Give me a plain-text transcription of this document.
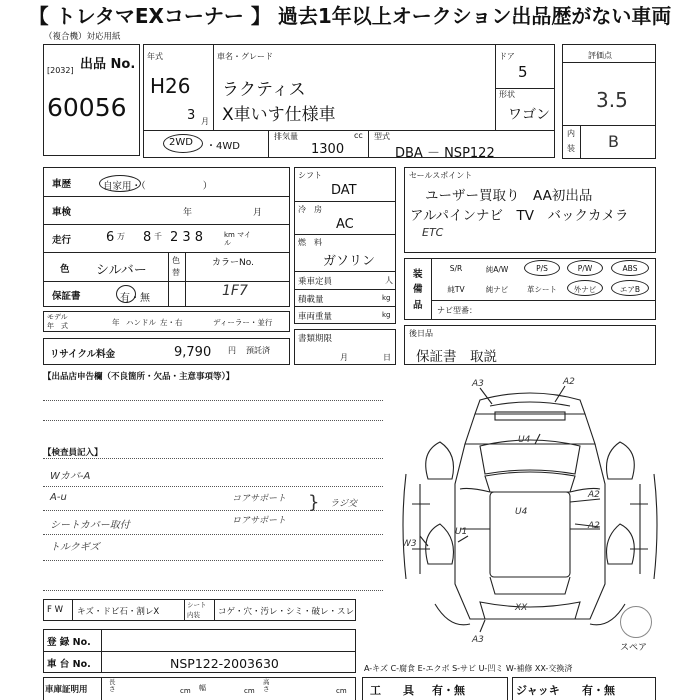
【 トレタマEXコーナー 】 過去1年以上オークション出品歴がない車両
（複合機）対応用紙
出品 No.
[2032]
60056
年式
H26
3 月
車名・グレード
ラクティス
X車いす仕様車
ドア
5
形状
ワゴン
2WD ・4WD
排気量	cc
1300
型式
DBA － NSP122
評価点
3.5
内
装 B
車歴	自家用・（　　　　　　）
車検	年	月
走行	6 万 8 千 2 3 8	km マイル
色 シルバー
色
替
カラーNo.
1F7
保証書	有・無
モデル
年　式	年 ハンドル 左・右	ディーラー・並行
リサイクル料金	9,790 円 預託済
シフト
DAT
冷　房
AC
燃　料
ガソリン
乗車定員	人
積載量	kg
車両重量	kg
書類期限
月	日
セールスポイント
ユーザー買取り　AA初出品
アルパインナビ　TV　バックカメラ
ETC
装
備
品
S/R	純A/W	P/S	P/W	ABS
純TV	純ナビ	革シート	外ナビ	エアB
ナビ型番：
後日品
保証書　取説
【出品店申告欄（不良箇所・欠品・主意事項等）】
【検査員記入】
Wカバ-A
A-u
シートカバー取付
トルクギズ
コアサポート
ロアサポート
} ラジ交
A3	A2
U4
U4
A2
A2
U1
W3
XX
A3
スペア
F W キズ・ドビ石・割レX
シート
内装 コゲ・穴・汚レ・シミ・破レ・スレ
登 録 No.
車 台 No.	NSP122-2003630	A-キズ C-腐食 E-エクボ S-サビ U-凹ミ W-補修 XX-交換済
車庫証明用
長さ	cm 幅	cm
高さ	cm 工　　具 有・無	ジャッキ 有・無
